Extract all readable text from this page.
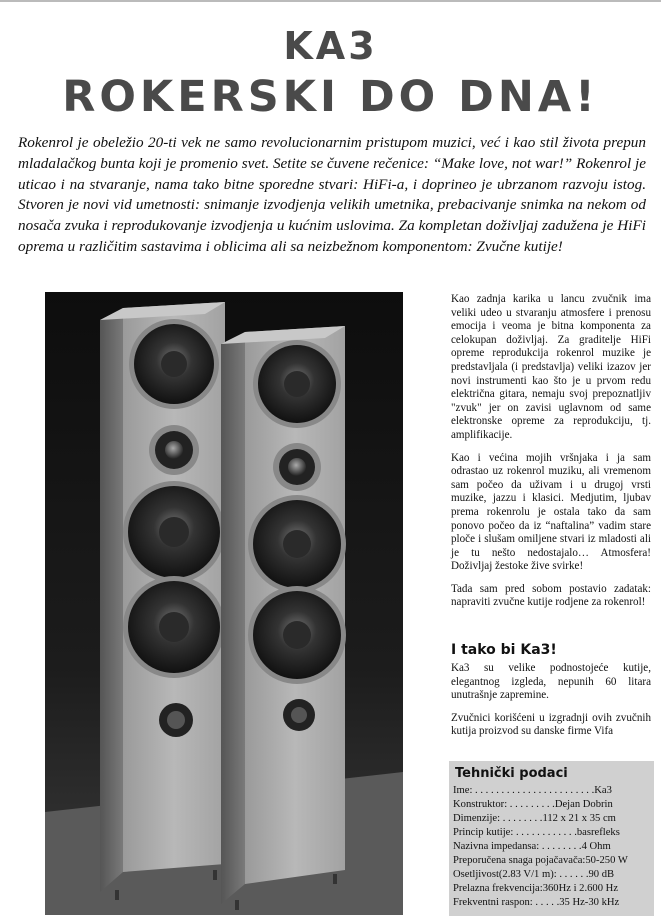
KA3
ROKERSKI DO DNA!
Rokenrol je obeležio 20-ti vek ne samo revolucionarnim pristupom muzici, već i kao stil života prepun mladalačkog bunta koji je promenio svet. Setite se čuvene rečenice: “Make love, not war!” Rokenrol je uticao i na stvaranje, nama tako bitne sporedne stvari: HiFi-a, i doprineo je ubrzanom razvoju istog. Stvoren je novi vid umetnosti: snimanje izvodjenja velikih umetnika, prebacivanje snimka na nekom od nosača zvuka i reprodukovanje izvodjenja u kućnim uslovima. Za kompletan doživljaj zadužena je HiFi oprema u različitim sastavima i oblicima ali sa neizbežnom komponentom: Zvučne kutije!

Kao zadnja karika u lancu zvučnik ima veliki udeo u stvaranju atmosfere i prenosu emocija i veoma je bitna komponenta za celokupan doživljaj. Za graditelje HiFi opreme reprodukcija rokenrol muzike je predstavljala (i predstavlja) veliki izazov jer novi instrumenti kao što je u prvom redu električna gitara, nemaju svoj prepoznatljiv "zvuk" jer on zavisi uglavnom od same elektronske opreme za reprodukciju, tj. amplifikacije.

Kao i većina mojih vršnjaka i ja sam odrastao uz rokenrol muziku, ali vremenom sam počeo da uživam i u drugoj vrsti muzike, jazzu i klasici. Medjutim, ljubav prema rokenrolu je ostala tako da sam ponovo počeo da iz “naftalina” vadim stare ploče i slušam omiljene stvari iz mladosti ali je tu nešto nedostajalo… Atmosfera! Doživljaj žestoke žive svirke!

Tada sam pred sobom postavio zadatak: napraviti zvučne kutije rodjene za rokenrol!

I tako bi Ka3!

Ka3 su velike podnostojeće kutije, elegantnog izgleda, nepunih 60 litara unutrašnje zapremine.

Zvučnici korišćeni u izgradnji ovih zvučnih kutija proizvod su danske firme Vifa

Tehnički podaci
Ime: . . . . . . . . . . . . . . . . . . . . . . .Ka3
Konstruktor: . . . . . . . . .Dejan Dobrin
Dimenzije: . . . . . . . .112 x 21 x 35 cm
Princip kutije: . . . . . . . . . . . .basrefleks
Nazivna impedansa: . . . . . . . .4 Ohm
Preporučena snaga pojačavača:50-250 W
Osetljivost(2.83 V/1 m): . . . . . .90 dB
Prelazna frekvencija:360Hz i 2.600 Hz
Frekventni raspon: . . . . .35 Hz-30 kHz
